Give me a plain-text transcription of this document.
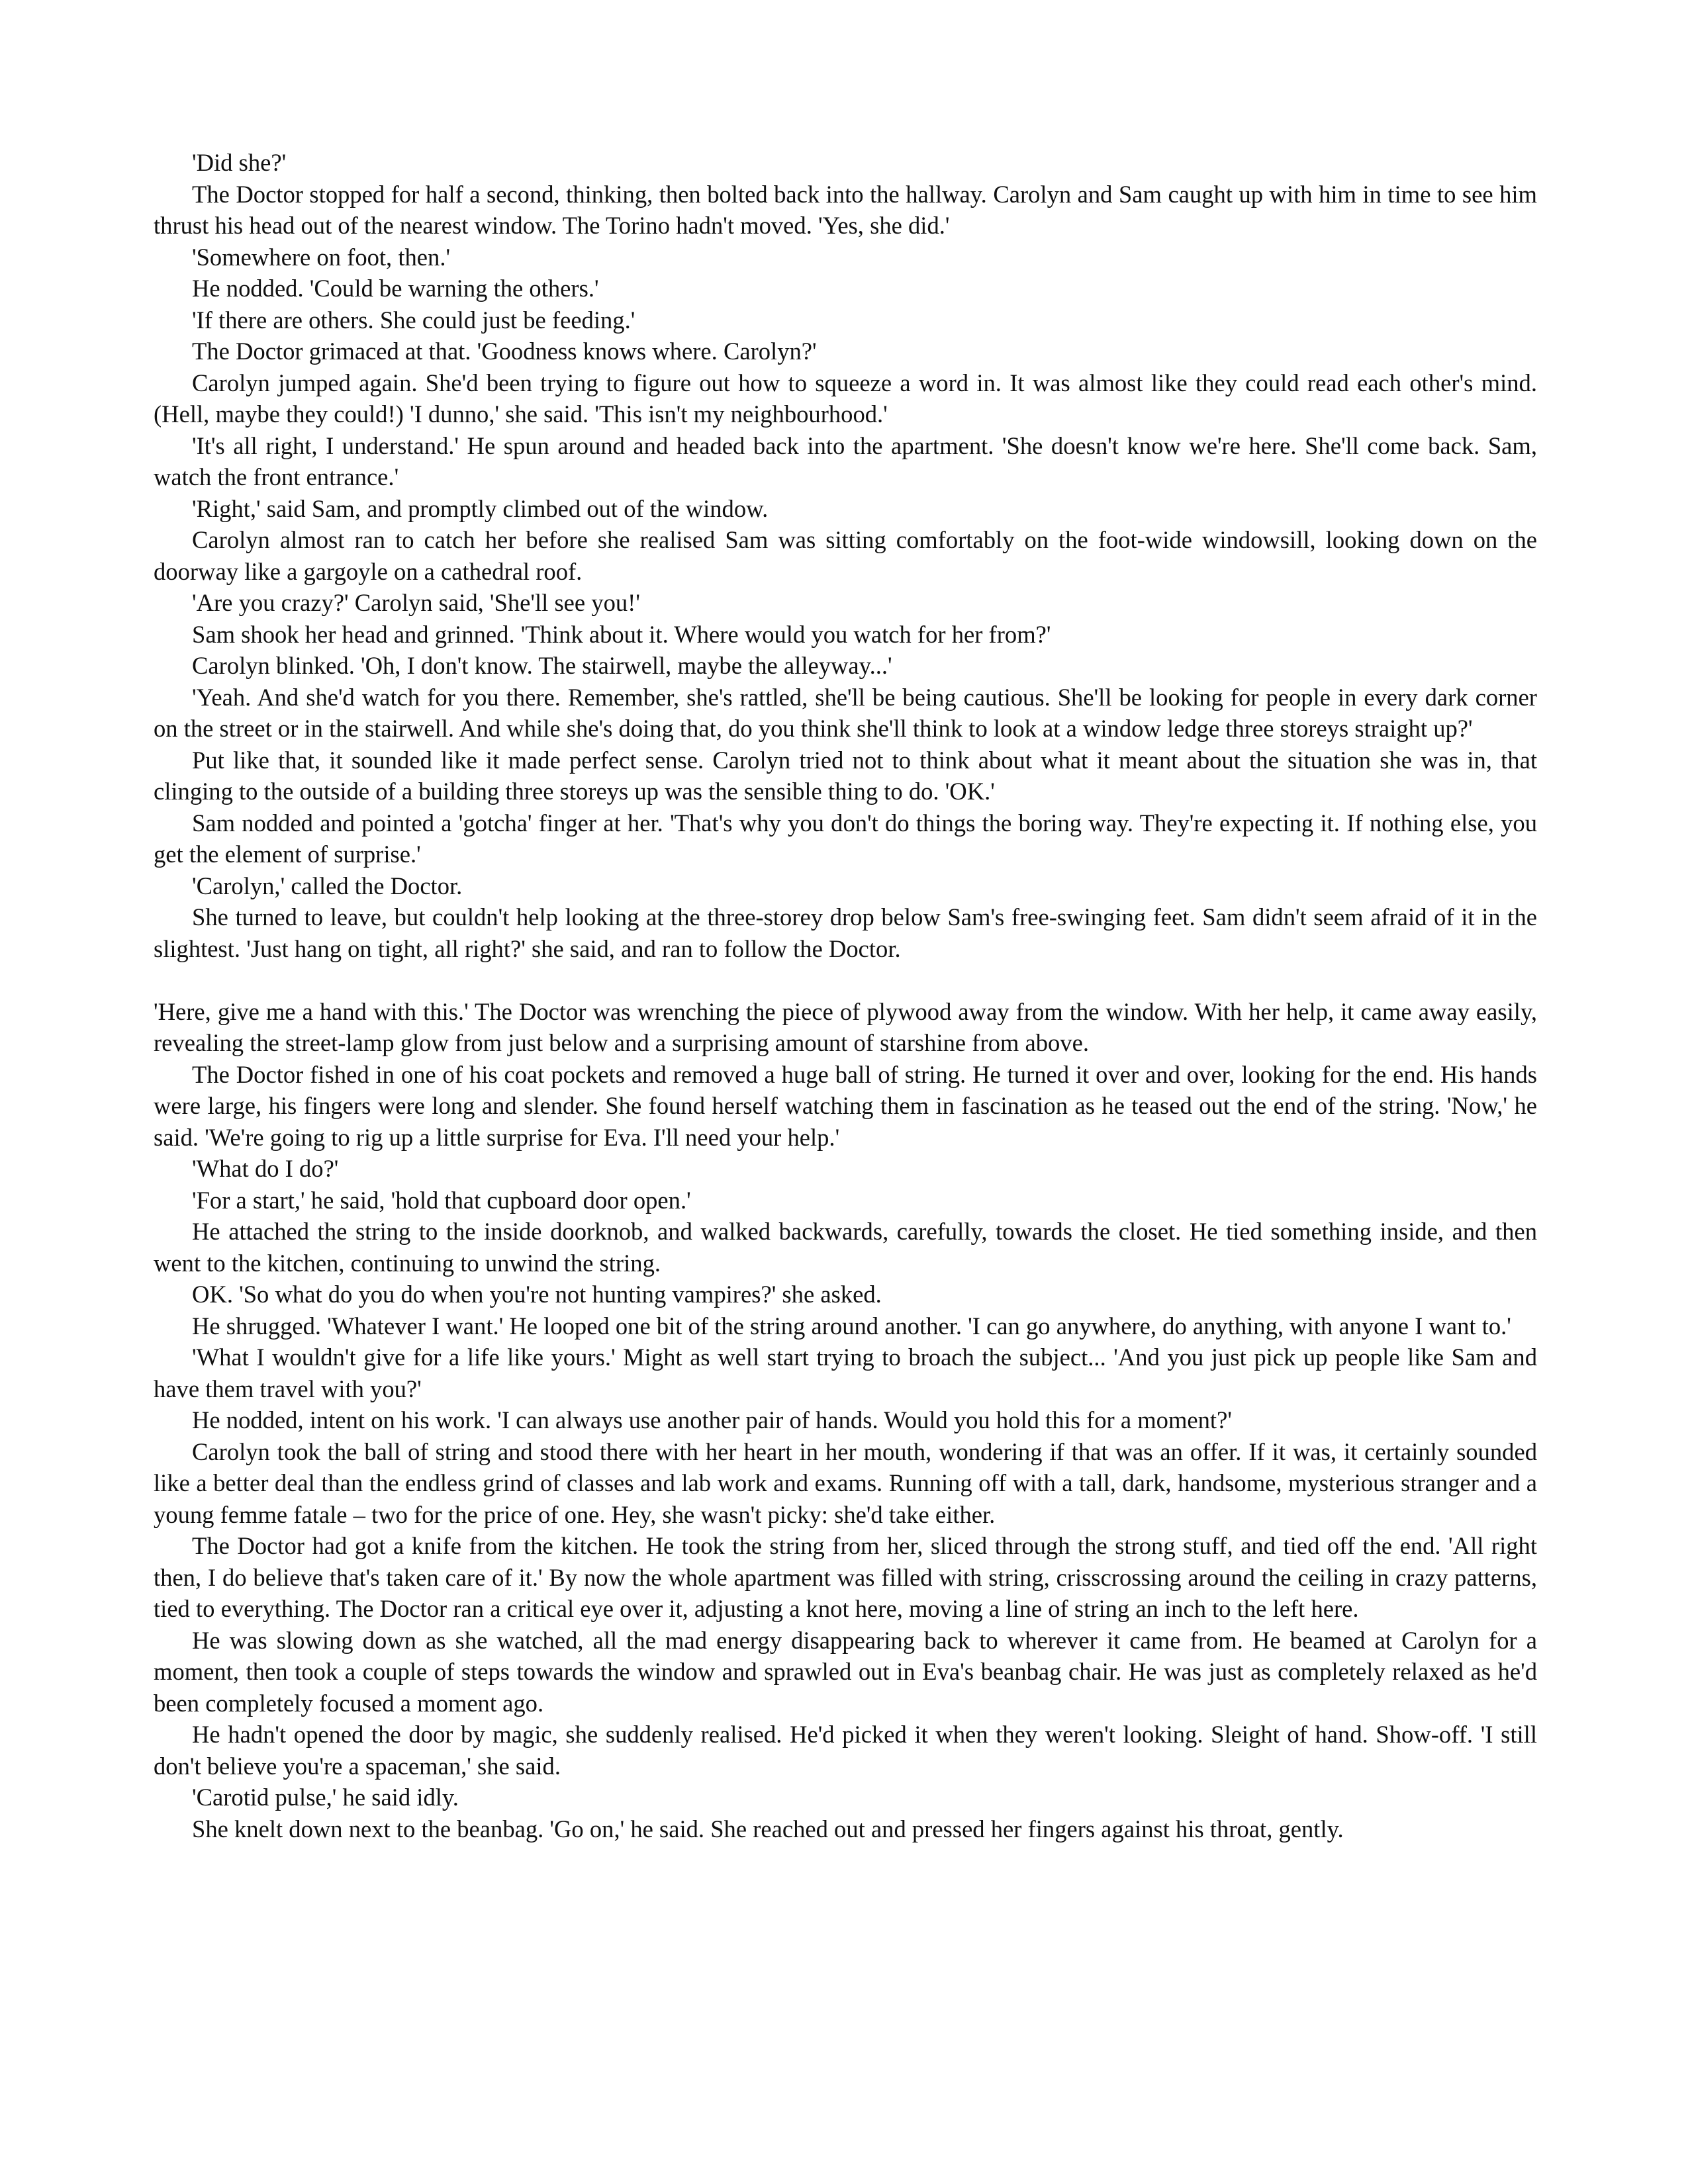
'Did she?'

The Doctor stopped for half a second, thinking, then bolted back into the hallway. Carolyn and Sam caught up with him in time to see him thrust his head out of the nearest window. The Torino hadn't moved. 'Yes, she did.'

'Somewhere on foot, then.'

He nodded. 'Could be warning the others.'

'If there are others. She could just be feeding.'

The Doctor grimaced at that. 'Goodness knows where. Carolyn?'

Carolyn jumped again. She'd been trying to figure out how to squeeze a word in. It was almost like they could read each other's mind. (Hell, maybe they could!) 'I dunno,' she said. 'This isn't my neighbourhood.'

'It's all right, I understand.' He spun around and headed back into the apartment. 'She doesn't know we're here. She'll come back. Sam, watch the front entrance.'

'Right,' said Sam, and promptly climbed out of the window.

Carolyn almost ran to catch her before she realised Sam was sitting comfortably on the foot-wide windowsill, looking down on the doorway like a gargoyle on a cathedral roof.

'Are you crazy?' Carolyn said, 'She'll see you!'

Sam shook her head and grinned. 'Think about it. Where would you watch for her from?'

Carolyn blinked. 'Oh, I don't know. The stairwell, maybe the alleyway...'

'Yeah. And she'd watch for you there. Remember, she's rattled, she'll be being cautious. She'll be looking for people in every dark corner on the street or in the stairwell. And while she's doing that, do you think she'll think to look at a window ledge three storeys straight up?'

Put like that, it sounded like it made perfect sense. Carolyn tried not to think about what it meant about the situation she was in, that clinging to the outside of a building three storeys up was the sensible thing to do. 'OK.'

Sam nodded and pointed a 'gotcha' finger at her. 'That's why you don't do things the boring way. They're expecting it. If nothing else, you get the element of surprise.'

'Carolyn,' called the Doctor.

She turned to leave, but couldn't help looking at the three-storey drop below Sam's free-swinging feet. Sam didn't seem afraid of it in the slightest. 'Just hang on tight, all right?' she said, and ran to follow the Doctor.

'Here, give me a hand with this.' The Doctor was wrenching the piece of plywood away from the window. With her help, it came away easily, revealing the street-lamp glow from just below and a surprising amount of starshine from above.

The Doctor fished in one of his coat pockets and removed a huge ball of string. He turned it over and over, looking for the end. His hands were large, his fingers were long and slender. She found herself watching them in fascination as he teased out the end of the string. 'Now,' he said. 'We're going to rig up a little surprise for Eva. I'll need your help.'

'What do I do?'

'For a start,' he said, 'hold that cupboard door open.'

He attached the string to the inside doorknob, and walked backwards, carefully, towards the closet. He tied something inside, and then went to the kitchen, continuing to unwind the string.

OK. 'So what do you do when you're not hunting vampires?' she asked.

He shrugged. 'Whatever I want.' He looped one bit of the string around another. 'I can go anywhere, do anything, with anyone I want to.'

'What I wouldn't give for a life like yours.' Might as well start trying to broach the subject... 'And you just pick up people like Sam and have them travel with you?'

He nodded, intent on his work. 'I can always use another pair of hands. Would you hold this for a moment?'

Carolyn took the ball of string and stood there with her heart in her mouth, wondering if that was an offer. If it was, it certainly sounded like a better deal than the endless grind of classes and lab work and exams. Running off with a tall, dark, handsome, mysterious stranger and a young femme fatale – two for the price of one. Hey, she wasn't picky: she'd take either.

The Doctor had got a knife from the kitchen. He took the string from her, sliced through the strong stuff, and tied off the end. 'All right then, I do believe that's taken care of it.' By now the whole apartment was filled with string, crisscrossing around the ceiling in crazy patterns, tied to everything. The Doctor ran a critical eye over it, adjusting a knot here, moving a line of string an inch to the left here.

He was slowing down as she watched, all the mad energy disappearing back to wherever it came from. He beamed at Carolyn for a moment, then took a couple of steps towards the window and sprawled out in Eva's beanbag chair. He was just as completely relaxed as he'd been completely focused a moment ago.

He hadn't opened the door by magic, she suddenly realised. He'd picked it when they weren't looking. Sleight of hand. Show-off. 'I still don't believe you're a spaceman,' she said.

'Carotid pulse,' he said idly.

She knelt down next to the beanbag. 'Go on,' he said. She reached out and pressed her fingers against his throat, gently.
